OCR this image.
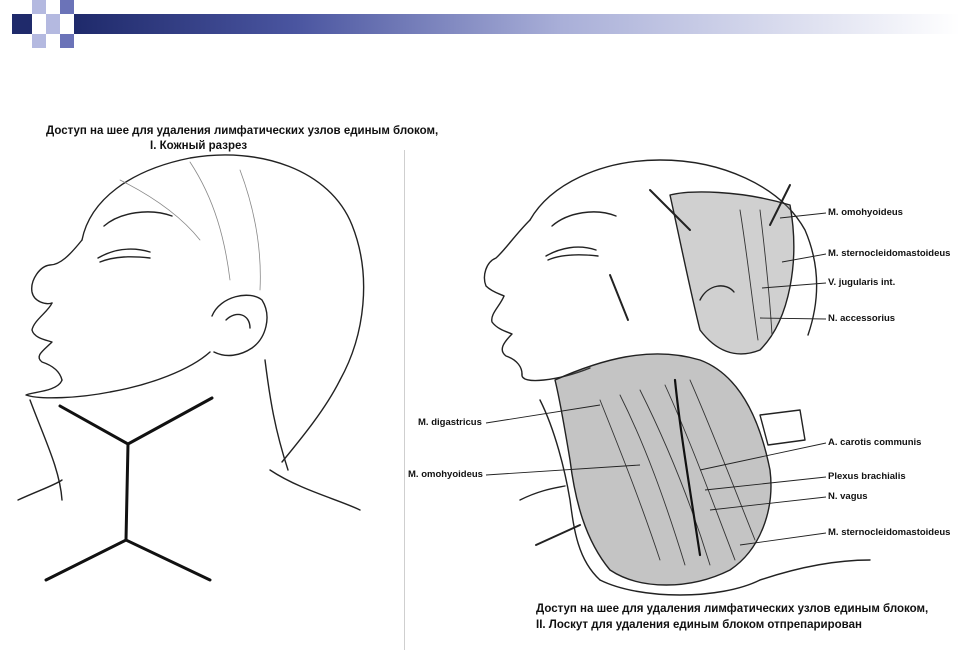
Доступ на шее для удаления лимфатических узлов единым блоком,
I. Кожный разрез
Доступ на шее для удаления лимфатических узлов единым блоком,
II. Лоскут для удаления единым блоком отпрепарирован
M. omohyoideus
M. sternocleidomastoideus
V. jugularis int.
N. accessorius
M. digastricus
A. carotis communis
M. omohyoideus	Plexus brachialis
N. vagus
M. sternocleidomastoideus
